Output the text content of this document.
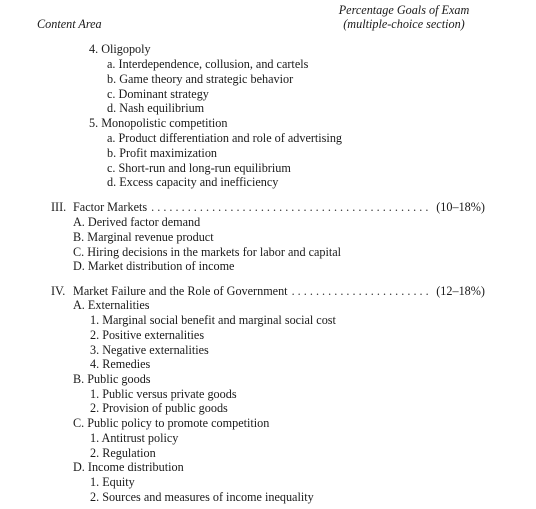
Content Area
Percentage Goals of Exam
(multiple-choice section)
4. Oligopoly
a. Interdependence, collusion, and cartels
b. Game theory and strategic behavior
c. Dominant strategy
d. Nash equilibrium
5. Monopolistic competition
a. Product differentiation and role of advertising
b. Profit maximization
c. Short-run and long-run equilibrium
d. Excess capacity and inefficiency
III. Factor Markets . . .	(10–18%)
A. Derived factor demand
B. Marginal revenue product
C. Hiring decisions in the markets for labor and capital
D. Market distribution of income
IV. Market Failure and the Role of Government . . .	(12–18%)
A. Externalities
1. Marginal social benefit and marginal social cost
2. Positive externalities
3. Negative externalities
4. Remedies
B. Public goods
1. Public versus private goods
2. Provision of public goods
C. Public policy to promote competition
1. Antitrust policy
2. Regulation
D. Income distribution
1. Equity
2. Sources and measures of income inequality
